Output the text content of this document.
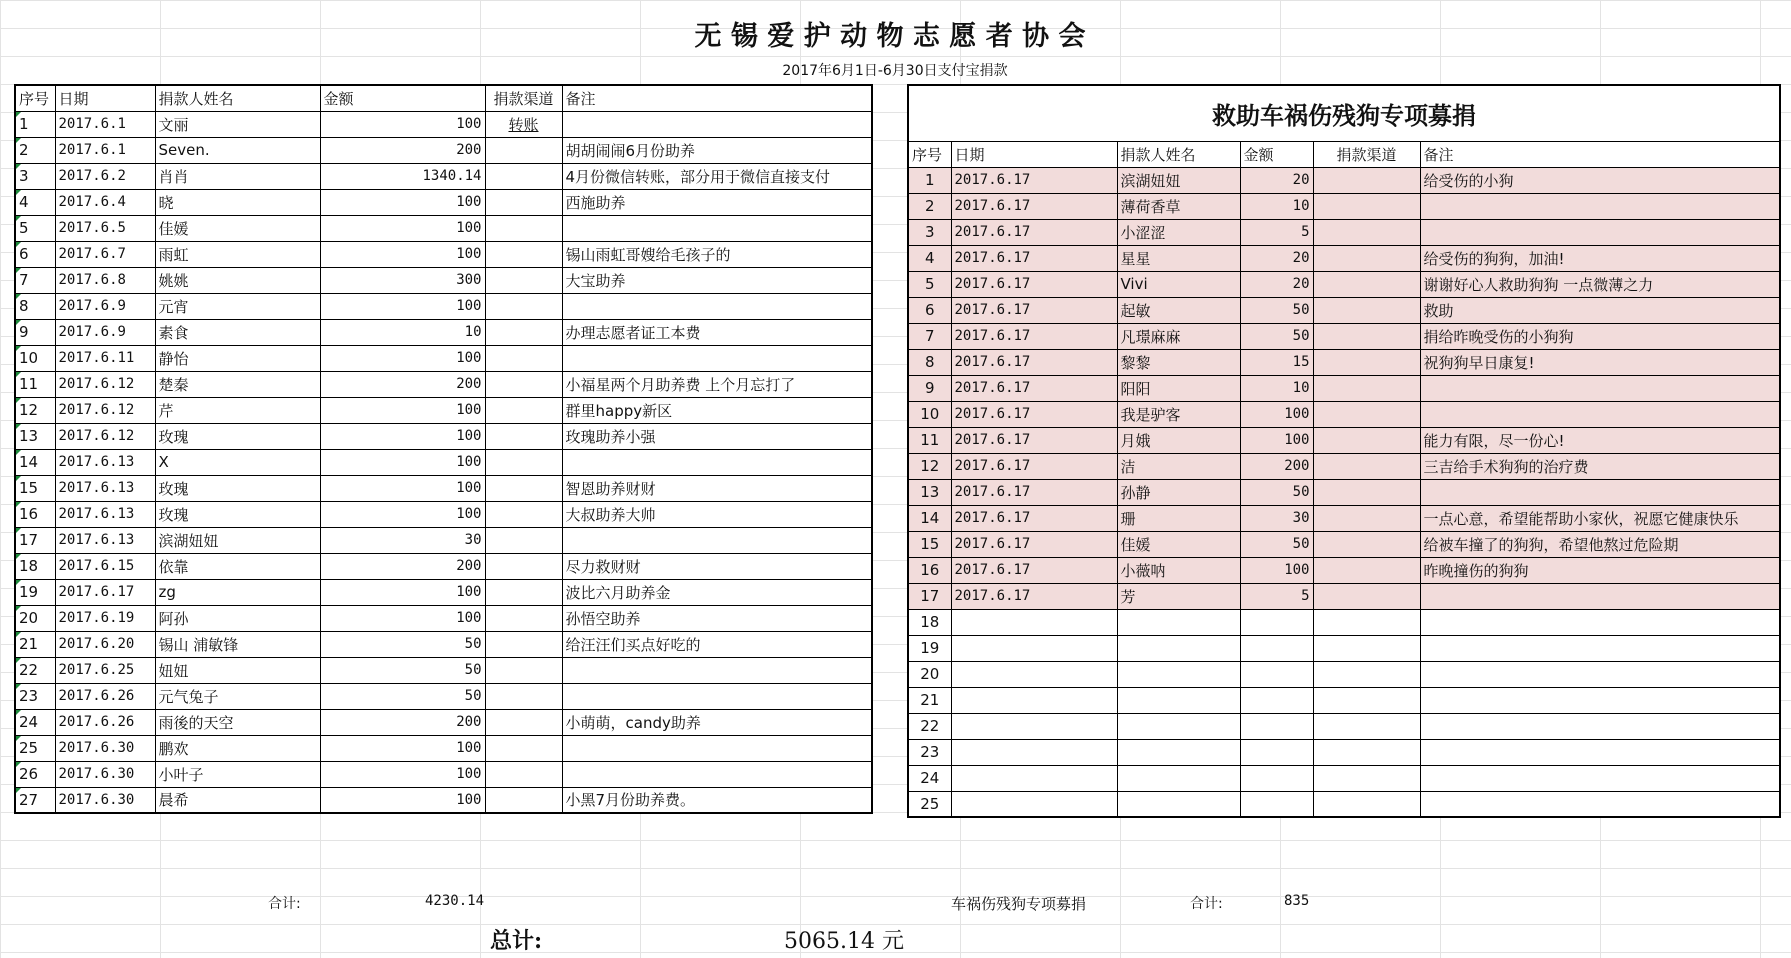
无 锡 爱 护 动 物 志 愿 者 协 会
2017年6月1日-6月30日支付宝捐款
序号	日期	捐款人姓名	金额	捐款渠道	备注
1	2017.6.1	文丽	100	转账	
2	2017.6.1	Seven.	200		胡胡闹闹6月份助养
3	2017.6.2	肖肖	1340.14		4月份微信转账，部分用于微信直接支付
4	2017.6.4	晓	100		西施助养
5	2017.6.5	佳媛	100		
6	2017.6.7	雨虹	100		锡山雨虹哥嫂给毛孩子的
7	2017.6.8	姚姚	300		大宝助养
8	2017.6.9	元宵	100		
9	2017.6.9	素食	10		办理志愿者证工本费
10	2017.6.11	静怡	100		
11	2017.6.12	楚秦	200		小福星两个月助养费 上个月忘打了
12	2017.6.12	芹	100		群里happy新区
13	2017.6.12	玫瑰	100		玫瑰助养小强
14	2017.6.13	X	100		
15	2017.6.13	玫瑰	100		智恩助养财财
16	2017.6.13	玫瑰	100		大叔助养大帅
17	2017.6.13	滨湖妞妞	30		
18	2017.6.15	依靠	200		尽力救财财
19	2017.6.17	zg	100		波比六月助养金
20	2017.6.19	阿孙	100		孙悟空助养
21	2017.6.20	锡山 浦敏锋	50		给汪汪们买点好吃的
22	2017.6.25	妞妞	50		
23	2017.6.26	元气兔子	50		
24	2017.6.26	雨後的天空	200		小萌萌，candy助养
25	2017.6.30	鹏欢	100		
26	2017.6.30	小叶子	100		
27	2017.6.30	晨希	100		小黑7月份助养费。
救助车祸伤残狗专项募捐					
序号	日期	捐款人姓名	金额	捐款渠道	备注
1	2017.6.17	滨湖妞妞	20		给受伤的小狗
2	2017.6.17	薄荷香草	10		
3	2017.6.17	小涩涩	5		
4	2017.6.17	星星	20		给受伤的狗狗，加油!
5	2017.6.17	Vivi	20		谢谢好心人救助狗狗 一点微薄之力
6	2017.6.17	起敏	50		救助
7	2017.6.17	凡璟麻麻	50		捐给昨晚受伤的小狗狗
8	2017.6.17	黎黎	15		祝狗狗早日康复!
9	2017.6.17	阳阳	10		
10	2017.6.17	我是驴客	100		
11	2017.6.17	月娥	100		能力有限，尽一份心!
12	2017.6.17	洁	200		三吉给手术狗狗的治疗费
13	2017.6.17	孙静	50		
14	2017.6.17	珊	30		一点心意，希望能帮助小家伙，祝愿它健康快乐
15	2017.6.17	佳媛	50		给被车撞了的狗狗，希望他熬过危险期
16	2017.6.17	小薇呐	100		昨晚撞伤的狗狗
17	2017.6.17	芳	5		
18					
19					
20					
21					
22					
23					
24					
25					
合计:	4230.14	车祸伤残狗专项募捐	合计:	835
总计:	5065.14 元
